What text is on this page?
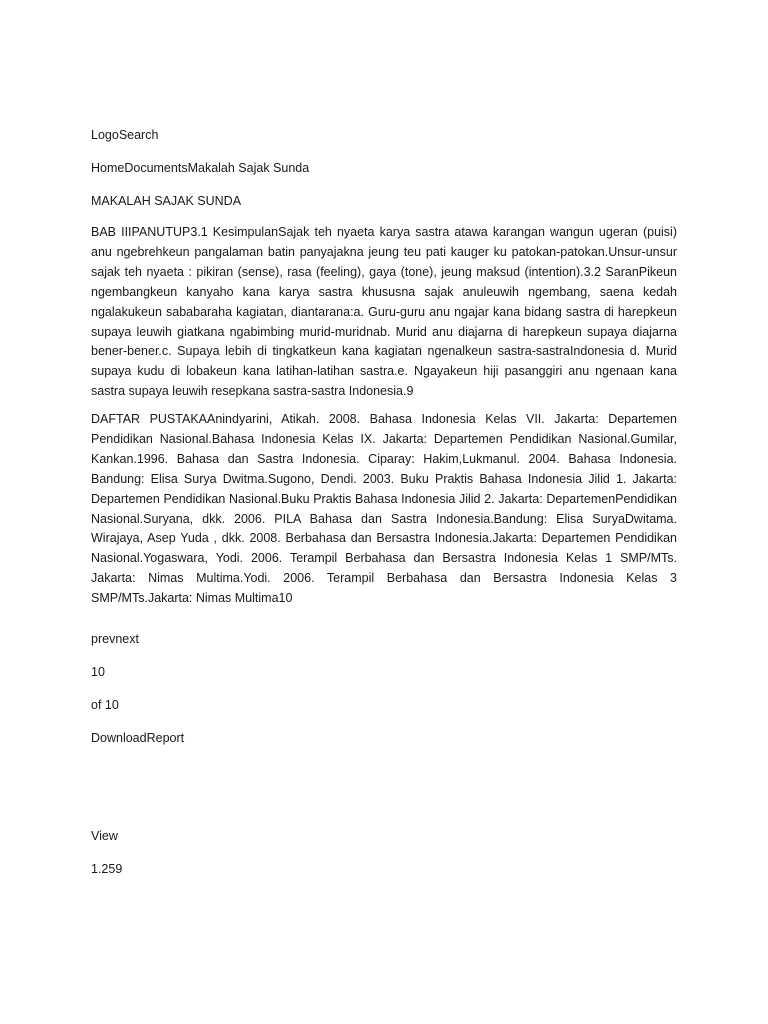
LogoSearch

HomeDocumentsMakalah Sajak Sunda

MAKALAH SAJAK SUNDA

BAB IIIPANUTUP3.1 KesimpulanSajak teh nyaeta karya sastra atawa karangan wangun ugeran (puisi) anu ngebrehkeun pangalaman batin panyajakna jeung teu pati kauger ku patokan-patokan.Unsur-unsur sajak teh nyaeta : pikiran (sense), rasa (feeling), gaya (tone), jeung maksud (intention).3.2 SaranPikeun ngembangkeun kanyaho kana karya sastra khususna sajak anuleuwih ngembang, saena kedah ngalakukeun sababaraha kagiatan, diantarana:a. Guru-guru anu ngajar kana bidang sastra di harepkeun supaya leuwih giatkana ngabimbing murid-muridnab. Murid anu diajarna di harepkeun supaya diajarna bener-bener.c. Supaya lebih di tingkatkeun kana kagiatan ngenalkeun sastra-sastraIndonesia d. Murid supaya kudu di lobakeun kana latihan-latihan sastra.e. Ngayakeun hiji pasanggiri anu ngenaan kana sastra supaya leuwih resepkana sastra-sastra Indonesia.9

DAFTAR PUSTAKAAnindyarini, Atikah. 2008. Bahasa Indonesia Kelas VII. Jakarta: Departemen Pendidikan Nasional.Bahasa Indonesia Kelas IX. Jakarta: Departemen Pendidikan Nasional.Gumilar, Kankan.1996. Bahasa dan Sastra Indonesia. Ciparay: Hakim,Lukmanul. 2004. Bahasa Indonesia. Bandung: Elisa Surya Dwitma.Sugono, Dendi. 2003. Buku Praktis Bahasa Indonesia Jilid 1. Jakarta: Departemen Pendidikan Nasional.Buku Praktis Bahasa Indonesia Jilid 2. Jakarta: DepartemenPendidikan Nasional.Suryana, dkk. 2006. PILA Bahasa dan Sastra Indonesia.Bandung: Elisa SuryaDwitama. Wirajaya, Asep Yuda , dkk. 2008. Berbahasa dan Bersastra Indonesia.Jakarta: Departemen Pendidikan Nasional.Yogaswara, Yodi. 2006. Terampil Berbahasa dan Bersastra Indonesia Kelas 1 SMP/MTs. Jakarta: Nimas Multima.Yodi. 2006. Terampil Berbahasa dan Bersastra Indonesia Kelas 3 SMP/MTs.Jakarta: Nimas Multima10

prevnext

10

of 10

DownloadReport

View

1.259
